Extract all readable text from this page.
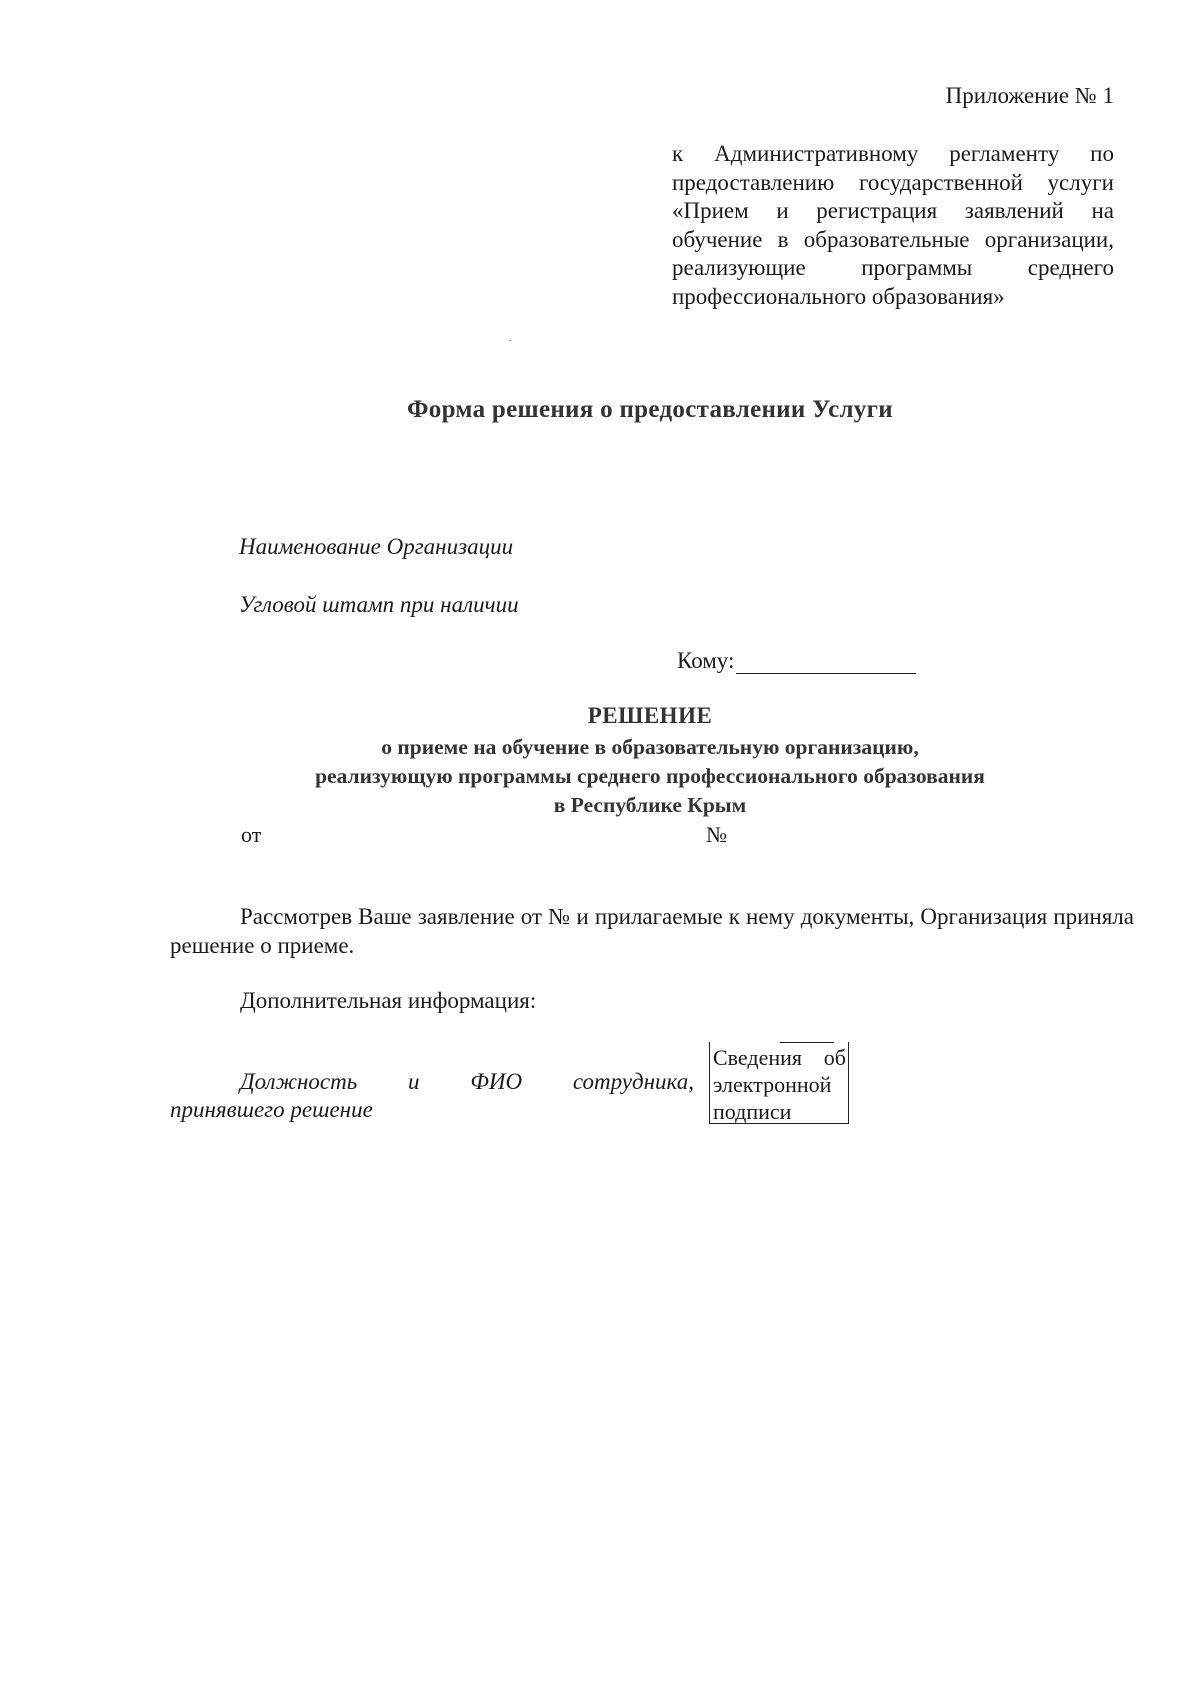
Приложение № 1
к Административному регламенту по предоставлению государственной услуги «Прием и регистрация заявлений на обучение в образовательные организации, реализующие программы среднего профессионального образования»
Форма решения о предоставлении Услуги
Наименование Организации
Угловой штамп при наличии
Кому:
РЕШЕНИЕ
о приеме на обучение в образовательную организацию,
реализующую программы среднего профессионального образования
в Республике Крым
от	№
Рассмотрев Ваше заявление от № и прилагаемые к нему документы, Организация приняла решение о приеме.
Дополнительная информация:
Должность и ФИО сотрудника,
принявшего решение
Сведения об
электронной
подписи
